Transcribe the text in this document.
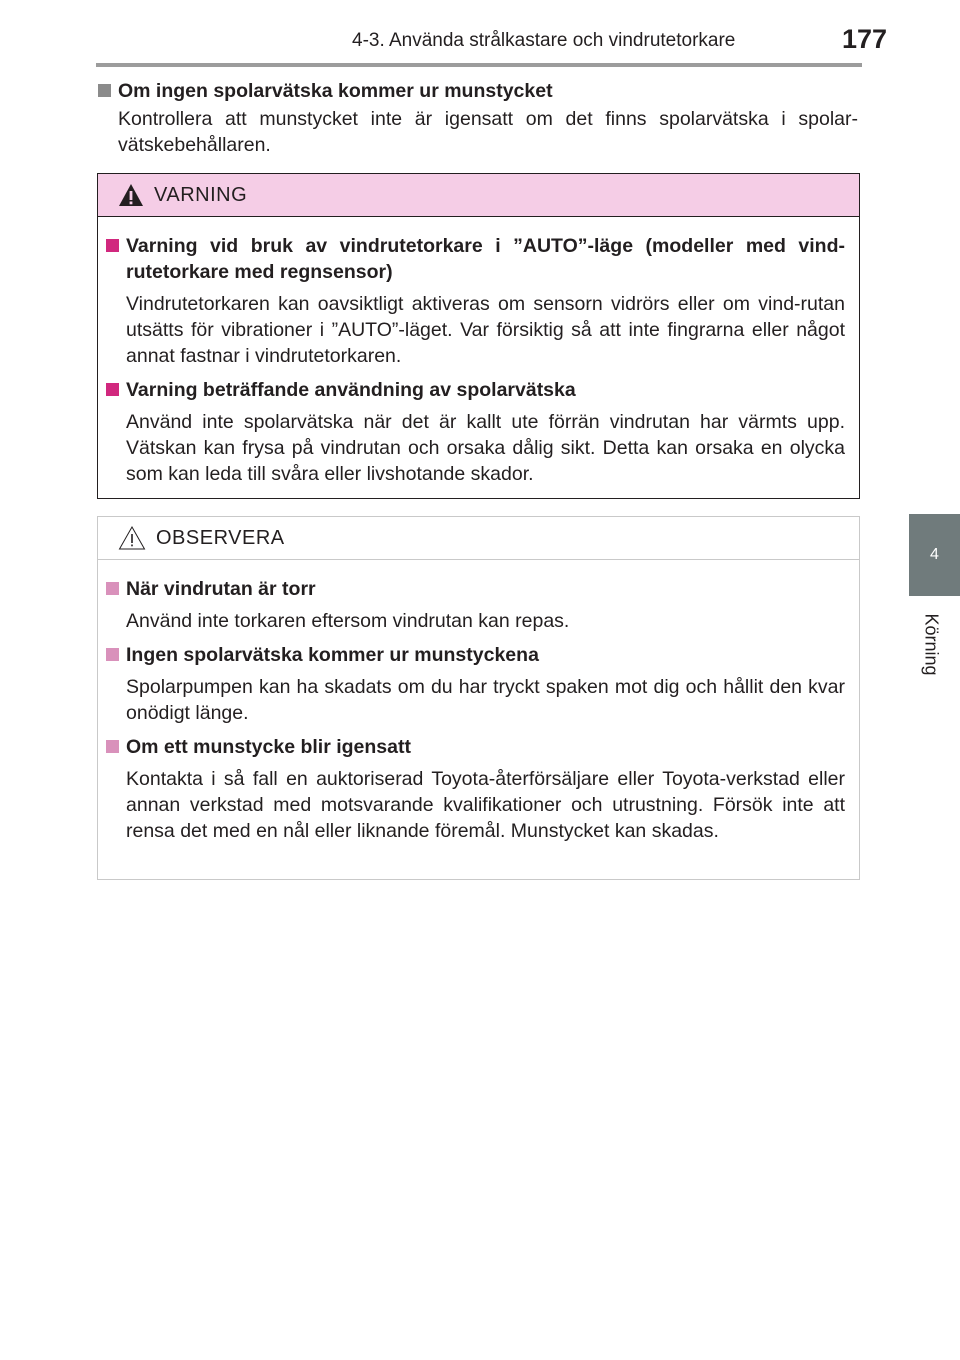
4-3. Använda strålkastare och vindrutetorkare	177
4
Körning
Om ingen spolarvätska kommer ur munstycket
Kontrollera att munstycket inte är igensatt om det finns spolarvätska i spolar-vätskebehållaren.
VARNING
Varning vid bruk av vindrutetorkare i ”AUTO”-läge (modeller med vind-rutetorkare med regnsensor)
Vindrutetorkaren kan oavsiktligt aktiveras om sensorn vidrörs eller om vind-rutan utsätts för vibrationer i ”AUTO”-läget. Var försiktig så att inte fingrarna eller något annat fastnar i vindrutetorkaren.
Varning beträffande användning av spolarvätska
Använd inte spolarvätska när det är kallt ute förrän vindrutan har värmts upp. Vätskan kan frysa på vindrutan och orsaka dålig sikt. Detta kan orsaka en olycka som kan leda till svåra eller livshotande skador.
OBSERVERA
När vindrutan är torr
Använd inte torkaren eftersom vindrutan kan repas.
Ingen spolarvätska kommer ur munstyckena
Spolarpumpen kan ha skadats om du har tryckt spaken mot dig och hållit den kvar onödigt länge.
Om ett munstycke blir igensatt
Kontakta i så fall en auktoriserad Toyota-återförsäljare eller Toyota-verkstad eller annan verkstad med motsvarande kvalifikationer och utrustning. Försök inte att rensa det med en nål eller liknande föremål. Munstycket kan skadas.
